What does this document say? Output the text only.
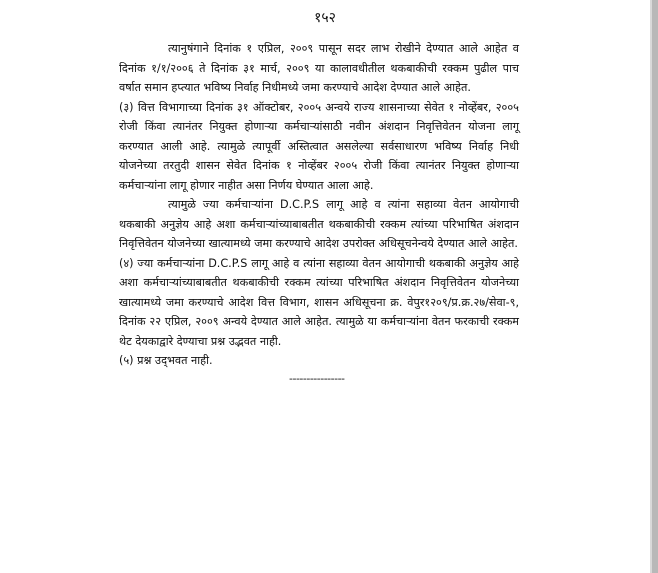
१५२

त्यानुषंगाने दिनांक १ एप्रिल, २००९ पासून सदर लाभ रोखीने देण्यात आले आहेत व दिनांक १/१/२००६ ते दिनांक ३१ मार्च, २००९ या कालावधीतील थकबाकीची रक्कम पुढील पाच वर्षात समान हप्त्यात भविष्य निर्वाह निधीमध्ये जमा करण्याचे आदेश देण्यात आले आहेत.

(३) वित्त विभागाच्या दिनांक ३१ ऑक्टोबर, २००५ अन्वये राज्य शासनाच्या सेवेत १ नोव्हेंबर, २००५ रोजी किंवा त्यानंतर नियुक्त होणाऱ्या कर्मचाऱ्यांसाठी नवीन अंशदान निवृत्तिवेतन योजना लागू करण्यात आली आहे. त्यामुळे त्यापूर्वी अस्तित्वात असलेल्या सर्वसाधारण भविष्य निर्वाह निधी योजनेच्या तरतुदी शासन सेवेत दिनांक १ नोव्हेंबर २००५ रोजी किंवा त्यानंतर नियुक्त होणाऱ्या कर्मचाऱ्यांना लागू होणार नाहीत असा निर्णय घेण्यात आला आहे.

त्यामुळे ज्या कर्मचाऱ्यांना D.C.P.S लागू आहे व त्यांना सहाव्या वेतन आयोगाची थकबाकी अनुज्ञेय आहे अशा कर्मचाऱ्यांच्याबाबतीत थकबाकीची रक्कम त्यांच्या परिभाषित अंशदान निवृत्तिवेतन योजनेच्या खात्यामध्ये जमा करण्याचे आदेश उपरोक्त अधिसूचनेन्वये देण्यात आले आहेत.

(४) ज्या कर्मचाऱ्यांना D.C.P.S लागू आहे व त्यांना सहाव्या वेतन आयोगाची थकबाकी अनुज्ञेय आहे अशा कर्मचाऱ्यांच्याबाबतीत थकबाकीची रक्कम त्यांच्या परिभाषित अंशदान निवृत्तिवेतन योजनेच्या खात्यामध्ये जमा करण्याचे आदेश वित्त विभाग, शासन अधिसूचना क्र. वेपुर१२०९/प्र.क्र.२७/सेवा-९, दिनांक २२ एप्रिल, २००९ अन्वये देण्यात आले आहेत. त्यामुळे या कर्मचाऱ्यांना वेतन फरकाची रक्कम थेट देयकाद्वारे देण्याचा प्रश्न उद्भवत नाही.

(५) प्रश्न उद्‌भवत नाही.

----------------
